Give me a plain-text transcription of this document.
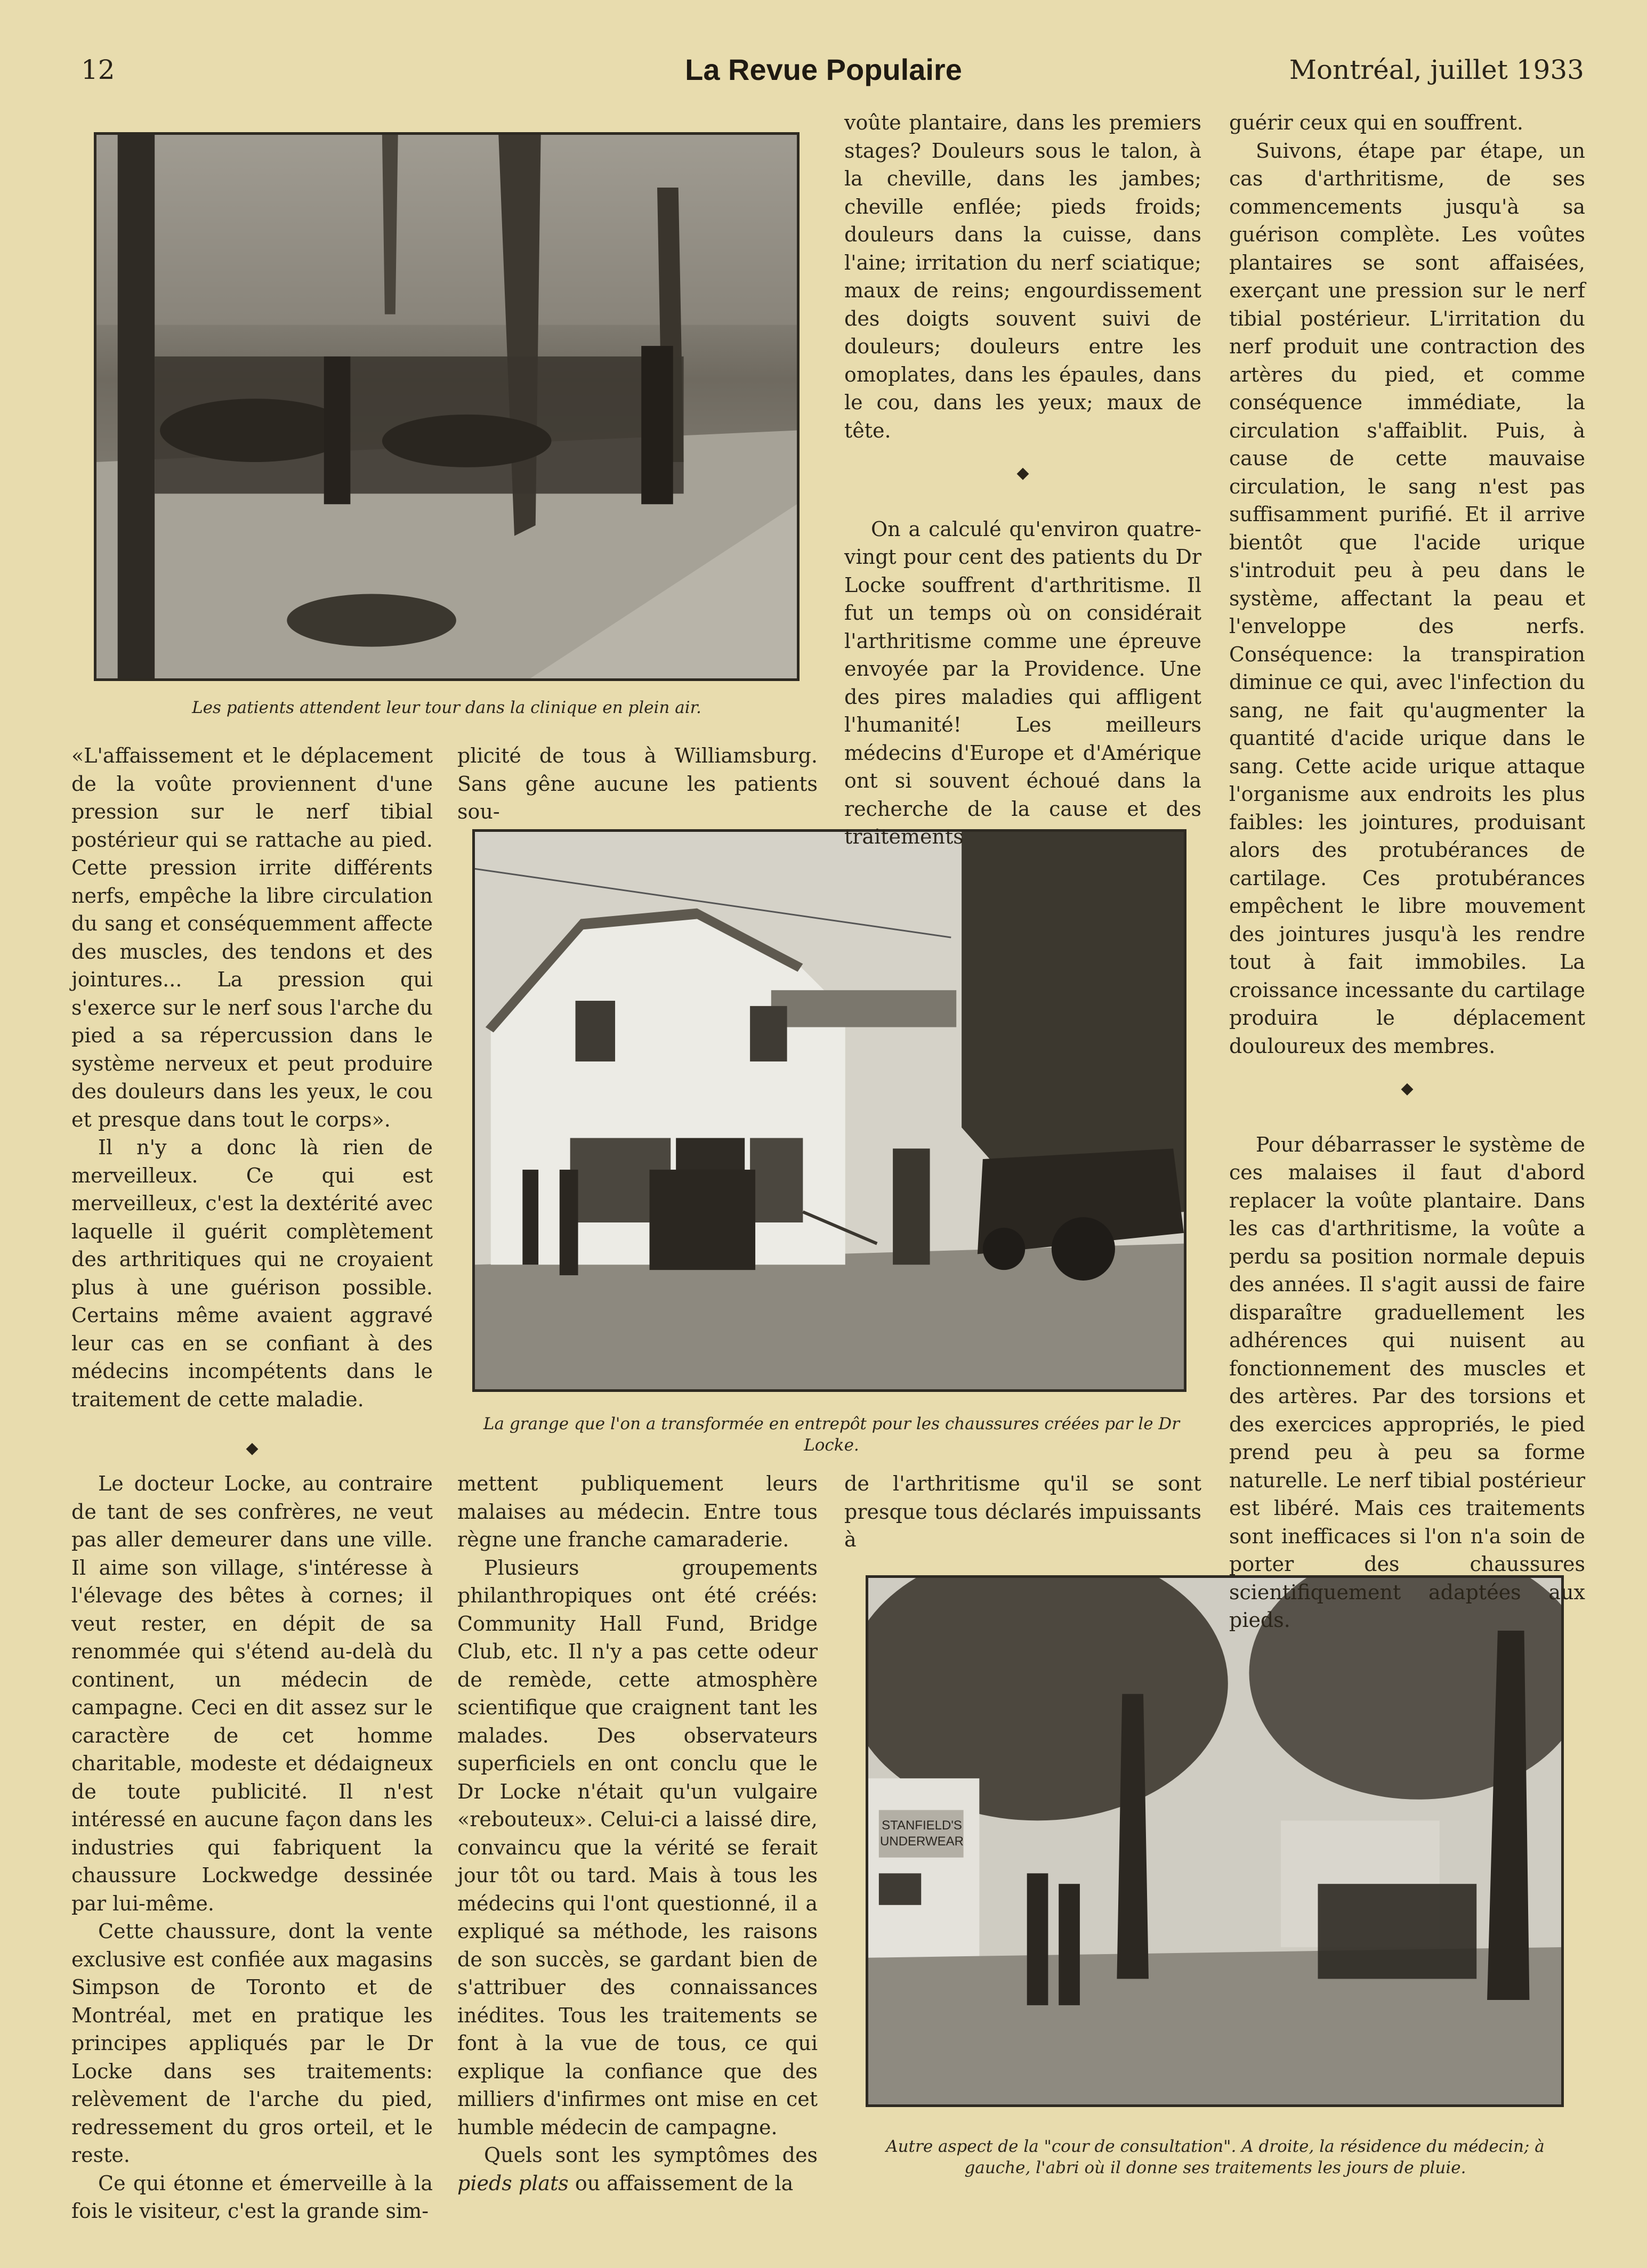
12	La Revue Populaire	Montréal, juillet 1933
Les patients attendent leur tour dans la clinique en plein air.
La grange que l'on a transformée en entrepôt pour les chaussures créées par le Dr Locke.
STANFIELD'S UNDERWEAR
Autre aspect de la "cour de consultation". A droite, la résidence du médecin; à gauche, l'abri où il donne ses traitements les jours de pluie.

«L'affaissement et le déplacement de la voûte proviennent d'une pression sur le nerf tibial postérieur qui se rattache au pied. Cette pression irrite différents nerfs, empêche la libre circulation du sang et conséquemment affecte des muscles, des tendons et des jointures... La pression qui s'exerce sur le nerf sous l'arche du pied a sa répercussion dans le système nerveux et peut produire des douleurs dans les yeux, le cou et presque dans tout le corps».

Il n'y a donc là rien de merveilleux. Ce qui est merveilleux, c'est la dextérité avec laquelle il guérit complètement des arthritiques qui ne croyaient plus à une guérison possible. Certains même avaient aggravé leur cas en se confiant à des médecins incompétents dans le traitement de cette maladie.

◆

Le docteur Locke, au contraire de tant de ses confrères, ne veut pas aller demeurer dans une ville. Il aime son village, s'intéresse à l'élevage des bêtes à cornes; il veut rester, en dépit de sa renommée qui s'étend au-delà du continent, un médecin de campagne. Ceci en dit assez sur le caractère de cet homme charitable, modeste et dédaigneux de toute publicité. Il n'est intéressé en aucune façon dans les industries qui fabriquent la chaussure Lockwedge dessinée par lui-même.

Cette chaussure, dont la vente exclusive est confiée aux magasins Simpson de Toronto et de Montréal, met en pratique les principes appliqués par le Dr Locke dans ses traitements: relèvement de l'arche du pied, redressement du gros orteil, et le reste.

Ce qui étonne et émerveille à la fois le visiteur, c'est la grande sim-

plicité de tous à Williamsburg. Sans gêne aucune les patients sou-

mettent publiquement leurs malaises au médecin. Entre tous règne une franche camaraderie.

Plusieurs groupements philanthropiques ont été créés: Community Hall Fund, Bridge Club, etc. Il n'y a pas cette odeur de remède, cette atmosphère scientifique que craignent tant les malades. Des observateurs superficiels en ont conclu que le Dr Locke n'était qu'un vulgaire «rebouteux». Celui-ci a laissé dire, convaincu que la vérité se ferait jour tôt ou tard. Mais à tous les médecins qui l'ont questionné, il a expliqué sa méthode, les raisons de son succès, se gardant bien de s'attribuer des connaissances inédites. Tous les traitements se font à la vue de tous, ce qui explique la confiance que des milliers d'infirmes ont mise en cet humble médecin de campagne.

Quels sont les symptômes des pieds plats ou affaissement de la

voûte plantaire, dans les premiers stages? Douleurs sous le talon, à la cheville, dans les jambes; cheville enflée; pieds froids; douleurs dans la cuisse, dans l'aine; irritation du nerf sciatique; maux de reins; engourdissement des doigts souvent suivi de douleurs; douleurs entre les omoplates, dans les épaules, dans le cou, dans les yeux; maux de tête.

◆

On a calculé qu'environ quatre-vingt pour cent des patients du Dr Locke souffrent d'arthritisme. Il fut un temps où on considérait l'arthritisme comme une épreuve envoyée par la Providence. Une des pires maladies qui affligent l'humanité! Les meilleurs médecins d'Europe et d'Amérique ont si souvent échoué dans la recherche de la cause et des traitements

de l'arthritisme qu'il se sont presque tous déclarés impuissants à

guérir ceux qui en souffrent.

Suivons, étape par étape, un cas d'arthritisme, de ses commencements jusqu'à sa guérison complète. Les voûtes plantaires se sont affaisées, exerçant une pression sur le nerf tibial postérieur. L'irritation du nerf produit une contraction des artères du pied, et comme conséquence immédiate, la circulation s'affaiblit. Puis, à cause de cette mauvaise circulation, le sang n'est pas suffisamment purifié. Et il arrive bientôt que l'acide urique s'introduit peu à peu dans le système, affectant la peau et l'enveloppe des nerfs. Conséquence: la transpiration diminue ce qui, avec l'infection du sang, ne fait qu'augmenter la quantité d'acide urique dans le sang. Cette acide urique attaque l'organisme aux endroits les plus faibles: les jointures, produisant alors des protubérances de cartilage. Ces protubérances empêchent le libre mouvement des jointures jusqu'à les rendre tout à fait immobiles. La croissance incessante du cartilage produira le déplacement douloureux des membres.

◆

Pour débarrasser le système de ces malaises il faut d'abord replacer la voûte plantaire. Dans les cas d'arthritisme, la voûte a perdu sa position normale depuis des années. Il s'agit aussi de faire disparaître graduellement les adhérences qui nuisent au fonctionnement des muscles et des artères. Par des torsions et des exercices appropriés, le pied prend peu à peu sa forme naturelle. Le nerf tibial postérieur est libéré. Mais ces traitements sont inefficaces si l'on n'a soin de porter des chaussures scientifiquement adaptées aux pieds.
